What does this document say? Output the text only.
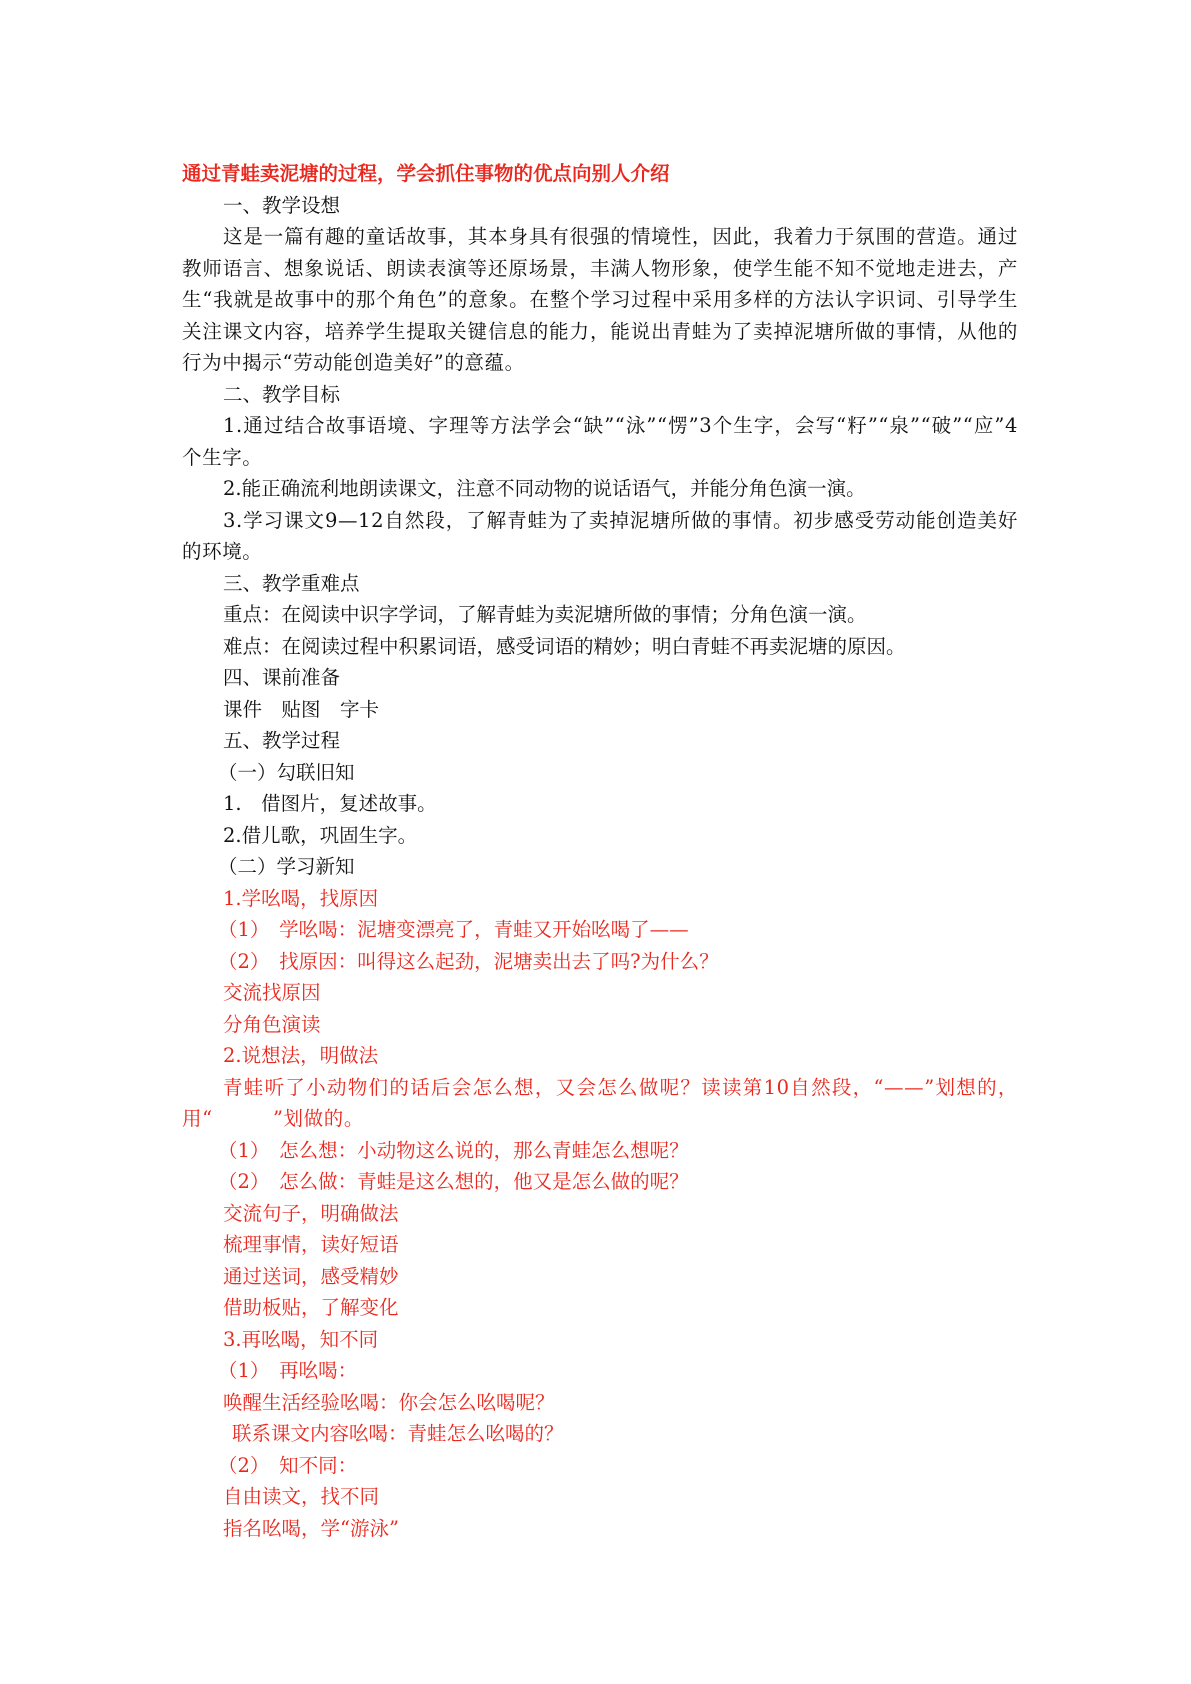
通过青蛙卖泥塘的过程，学会抓住事物的优点向别人介绍
一、教学设想
这是一篇有趣的童话故事，其本身具有很强的情境性，因此，我着力于氛围的营造。通过教师语言、想象说话、朗读表演等还原场景，丰满人物形象，使学生能不知不觉地走进去，产生“我就是故事中的那个角色”的意象。在整个学习过程中采用多样的方法认字识词、引导学生关注课文内容，培养学生提取关键信息的能力，能说出青蛙为了卖掉泥塘所做的事情，从他的行为中揭示“劳动能创造美好”的意蕴。
二、教学目标
1.通过结合故事语境、字理等方法学会“缺”“泳”“愣”3个生字，会写“籽”“泉”“破”“应”4个生字。
2.能正确流利地朗读课文，注意不同动物的说话语气，并能分角色演一演。
3.学习课文9—12自然段，了解青蛙为了卖掉泥塘所做的事情。初步感受劳动能创造美好的环境。
三、教学重难点
重点：在阅读中识字学词，了解青蛙为卖泥塘所做的事情；分角色演一演。
难点：在阅读过程中积累词语，感受词语的精妙；明白青蛙不再卖泥塘的原因。
四、课前准备
课件　贴图　字卡
五、教学过程
（一）勾联旧知
1.　借图片，复述故事。
2.借儿歌，巩固生字。
（二）学习新知
1.学吆喝，找原因
（1）　学吆喝：泥塘变漂亮了，青蛙又开始吆喝了——
（2）　找原因：叫得这么起劲，泥塘卖出去了吗?为什么？
交流找原因
分角色演读
2.说想法，明做法
青蛙听了小动物们的话后会怎么想，又会怎么做呢？读读第10自然段，“——”划想的，用“　　　”划做的。
（1）　怎么想：小动物这么说的，那么青蛙怎么想呢？
（2）　怎么做：青蛙是这么想的，他又是怎么做的呢？
交流句子，明确做法
梳理事情，读好短语
通过送词，感受精妙
借助板贴，了解变化
3.再吆喝，知不同
（1）　再吆喝：
唤醒生活经验吆喝：你会怎么吆喝呢？
联系课文内容吆喝：青蛙怎么吆喝的？
（2）　知不同：
自由读文，找不同
指名吆喝，学“游泳”
